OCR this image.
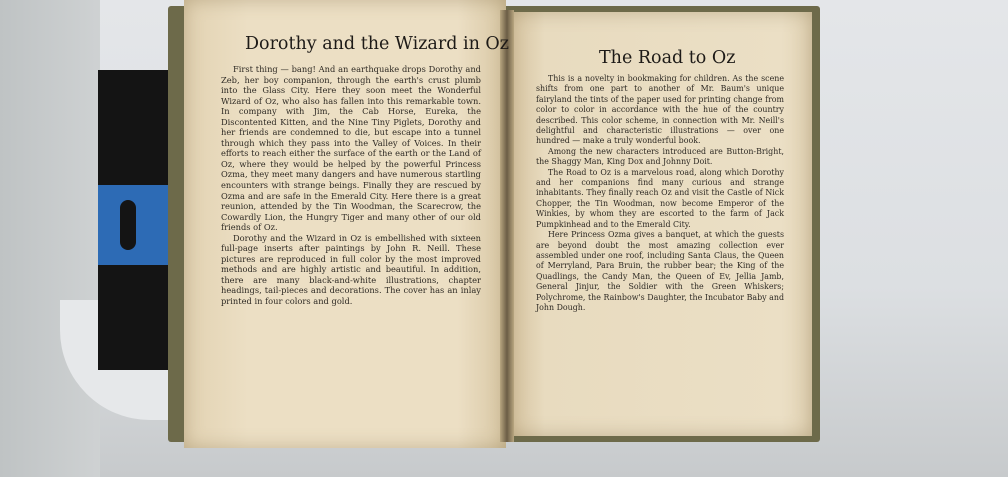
Dorothy and the Wizard in Oz

First thing — bang! And an earthquake drops Dorothy and Zeb, her boy companion, through the earth's crust plumb into the Glass City. Here they soon meet the Wonderful Wizard of Oz, who also has fallen into this remarkable town. In company with Jim, the Cab Horse, Eureka, the Discontented Kitten, and the Nine Tiny Piglets, Dorothy and her friends are condemned to die, but escape into a tunnel through which they pass into the Valley of Voices. In their efforts to reach either the surface of the earth or the Land of Oz, where they would be helped by the powerful Princess Ozma, they meet many dangers and have numerous startling encounters with strange beings. Finally they are rescued by Ozma and are safe in the Emerald City. Here there is a great reunion, attended by the Tin Woodman, the Scarecrow, the Cowardly Lion, the Hungry Tiger and many other of our old friends of Oz.

Dorothy and the Wizard in Oz is embellished with sixteen full-page inserts after paintings by John R. Neill. These pictures are reproduced in full color by the most improved methods and are highly artistic and beautiful. In addition, there are many black-and-white illustrations, chapter headings, tail-pieces and decorations. The cover has an inlay printed in four colors and gold.

The Road to Oz

This is a novelty in bookmaking for children. As the scene shifts from one part to another of Mr. Baum's unique fairyland the tints of the paper used for printing change from color to color in accordance with the hue of the country described. This color scheme, in connection with Mr. Neill's delightful and characteristic illustrations — over one hundred — make a truly wonderful book.

Among the new characters introduced are Button-Bright, the Shaggy Man, King Dox and Johnny Doit.

The Road to Oz is a marvelous road, along which Dorothy and her companions find many curious and strange inhabitants. They finally reach Oz and visit the Castle of Nick Chopper, the Tin Woodman, now become Emperor of the Winkies, by whom they are escorted to the farm of Jack Pumpkinhead and to the Emerald City.

Here Princess Ozma gives a banquet, at which the guests are beyond doubt the most amazing collection ever assembled under one roof, including Santa Claus, the Queen of Merryland, Para Bruin, the rubber bear; the King of the Quadlings, the Candy Man, the Queen of Ev, Jellia Jamb, General Jinjur, the Soldier with the Green Whiskers; Polychrome, the Rainbow's Daughter, the Incubator Baby and John Dough.
